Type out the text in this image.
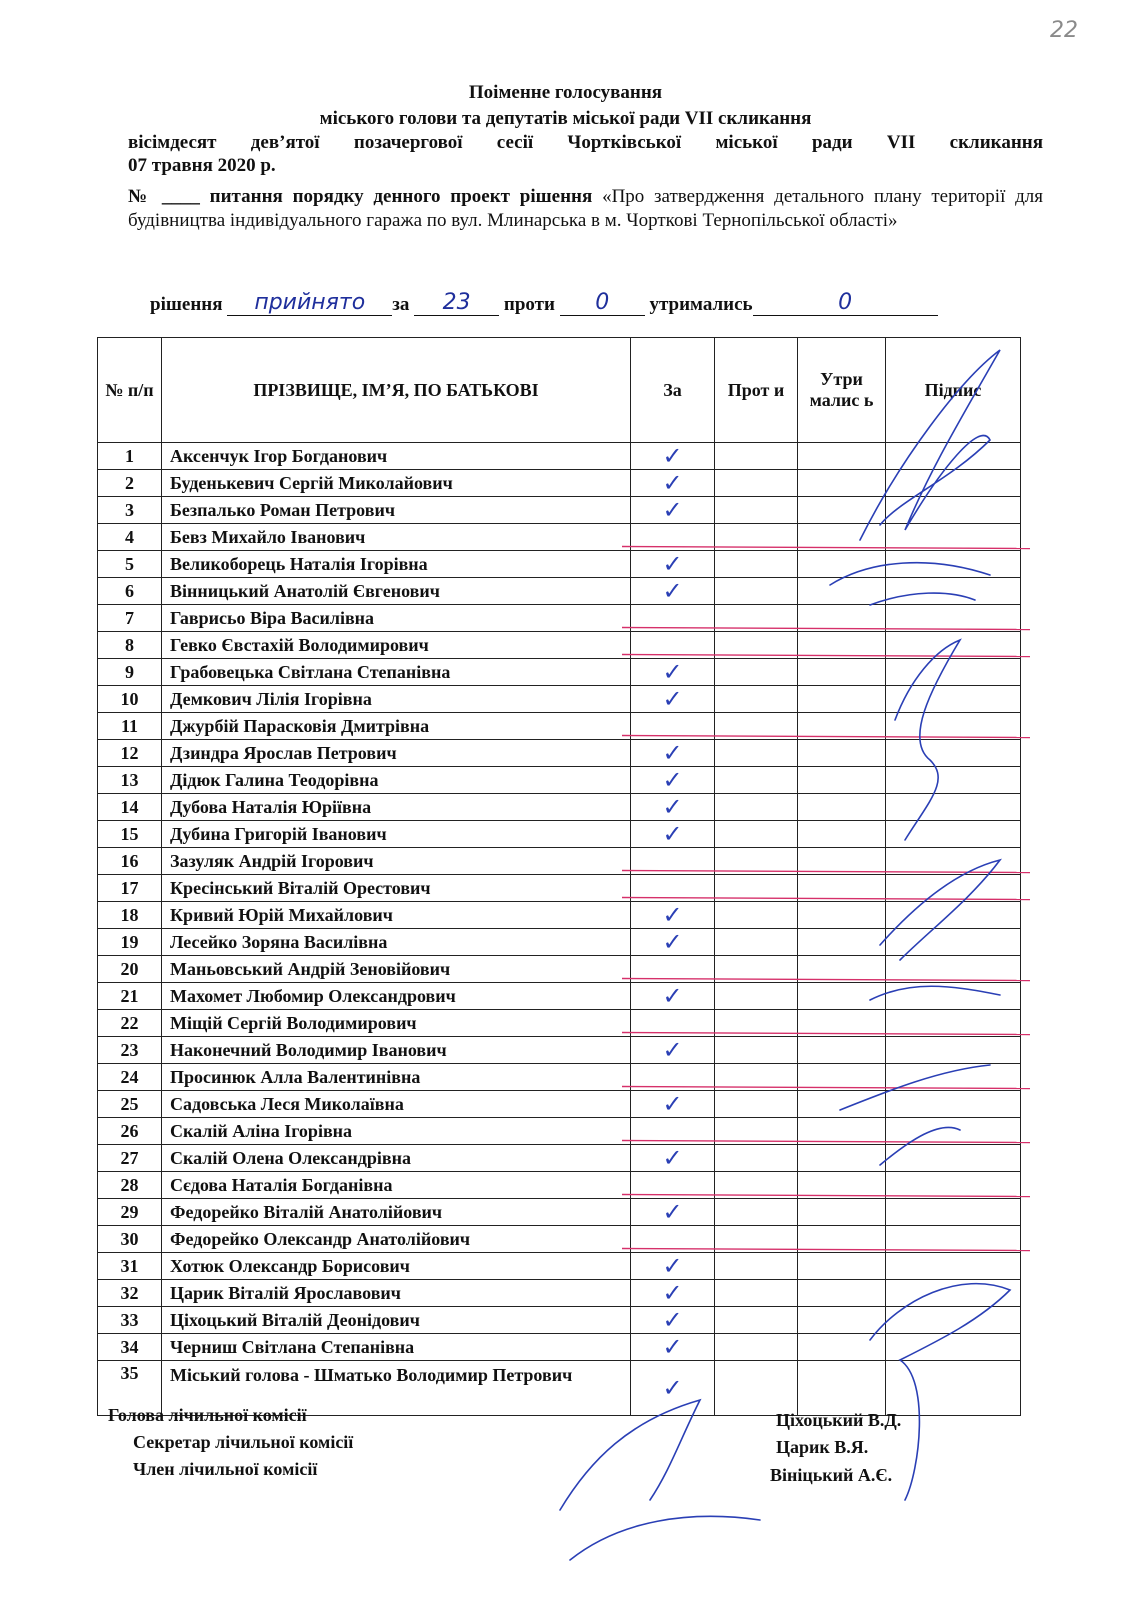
22
Поіменне голосування
міського голови та депутатів міської ради VII скликання
вісімдесят дев’ятої позачергової сесії Чортківської міської ради VII скликання
07 травня 2020 р.
№ ____ питання порядку денного проект рішення «Про затвердження детального плану території для будівництва індивідуального гаража по вул. Млинарська в м. Чорткові Тернопільської області»
рішення прийнято за 23 проти 0 утримались	0
№ п/п	ПРІЗВИЩЕ, ІМ’Я, ПО БАТЬКОВІ	За	Прот и	Утри малис ь	Підпис
1	Аксенчук Ігор Богданович	✓			
2	Буденькевич Сергій Миколайович	✓			
3	Безпалько Роман Петрович	✓			
4	Бевз Михайло Іванович				
5	Великоборець Наталія Ігорівна	✓			
6	Вінницький Анатолій Євгенович	✓			
7	Гаврисьо Віра Василівна				
8	Гевко Євстахій Володимирович				
9	Грабовецька Світлана Степанівна	✓			
10	Демкович Лілія Ігорівна	✓			
11	Джурбій Парасковія Дмитрівна				
12	Дзиндра Ярослав Петрович	✓			
13	Дідюк Галина Теодорівна	✓			
14	Дубова Наталія Юріївна	✓			
15	Дубина Григорій Іванович	✓			
16	Зазуляк Андрій Ігорович				
17	Кресінський Віталій Орестович				
18	Кривий Юрій Михайлович	✓			
19	Лесейко Зоряна Василівна	✓			
20	Маньовський Андрій Зеновійович				
21	Махомет Любомир Олександрович	✓			
22	Міщій Сергій Володимирович				
23	Наконечний Володимир Іванович	✓			
24	Просинюк Алла Валентинівна				
25	Садовська Леся Миколаївна	✓			
26	Скалій Аліна Ігорівна				
27	Скалій Олена Олександрівна	✓			
28	Сєдова Наталія Богданівна				
29	Федорейко Віталій Анатолійович	✓			
30	Федорейко Олександр Анатолійович				
31	Хотюк Олександр Борисович	✓			
32	Царик Віталій Ярославович	✓			
33	Ціхоцький Віталій Деонідович	✓			
34	Черниш Світлана Степанівна	✓			
35	Міський голова - Шматько Володимир Петрович	✓			
Голова лічильної комісії
Секретар лічильної комісії
Член лічильної комісії
Ціхоцький В.Д.
Царик В.Я.
Вініцький А.Є.
